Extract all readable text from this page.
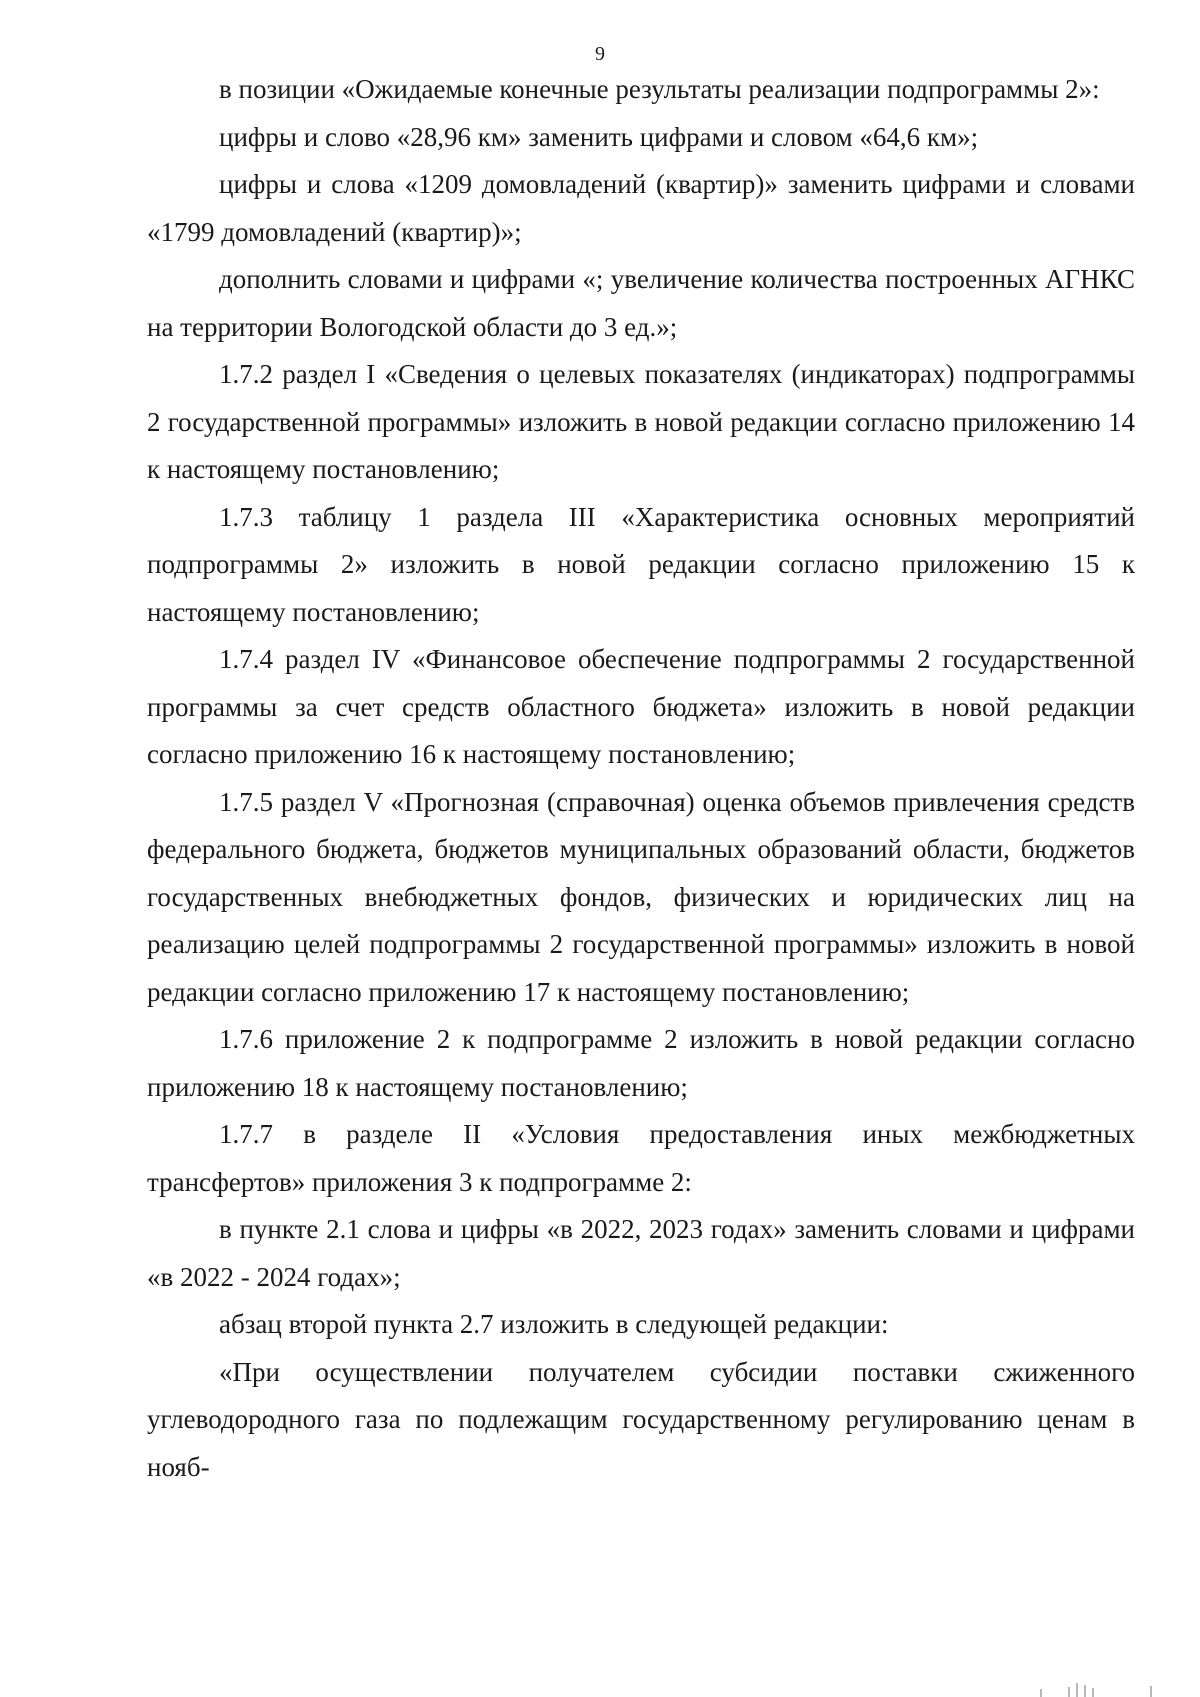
9

в позиции «Ожидаемые конечные результаты реализации подпрограммы 2»:

цифры и слово «28,96 км» заменить цифрами и словом «64,6 км»;

цифры и слова «1209 домовладений (квартир)» заменить цифрами и словами «1799 домовладений (квартир)»;

дополнить словами и цифрами «; увеличение количества построенных АГНКС на территории Вологодской области до 3 ед.»;

1.7.2 раздел I «Сведения о целевых показателях (индикаторах) подпрограммы 2 государственной программы» изложить в новой редакции согласно приложению 14 к настоящему постановлению;

1.7.3 таблицу 1 раздела III «Характеристика основных мероприятий подпрограммы 2» изложить в новой редакции согласно приложению 15 к настоящему постановлению;

1.7.4 раздел IV «Финансовое обеспечение подпрограммы 2 государственной программы за счет средств областного бюджета» изложить в новой редакции согласно приложению 16 к настоящему постановлению;

1.7.5 раздел V «Прогнозная (справочная) оценка объемов привлечения средств федерального бюджета, бюджетов муниципальных образований области, бюджетов государственных внебюджетных фондов, физических и юридических лиц на реализацию целей подпрограммы 2 государственной программы» изложить в новой редакции согласно приложению 17 к настоящему постановлению;

1.7.6 приложение 2 к подпрограмме 2 изложить в новой редакции согласно приложению 18 к настоящему постановлению;

1.7.7 в разделе II «Условия предоставления иных межбюджетных трансфертов» приложения 3 к подпрограмме 2:

в пункте 2.1 слова и цифры «в 2022, 2023 годах» заменить словами и цифрами «в 2022 - 2024 годах»;

абзац второй пункта 2.7 изложить в следующей редакции:

«При осуществлении получателем субсидии поставки сжиженного углеводородного газа по подлежащим государственному регулированию ценам в нояб-
